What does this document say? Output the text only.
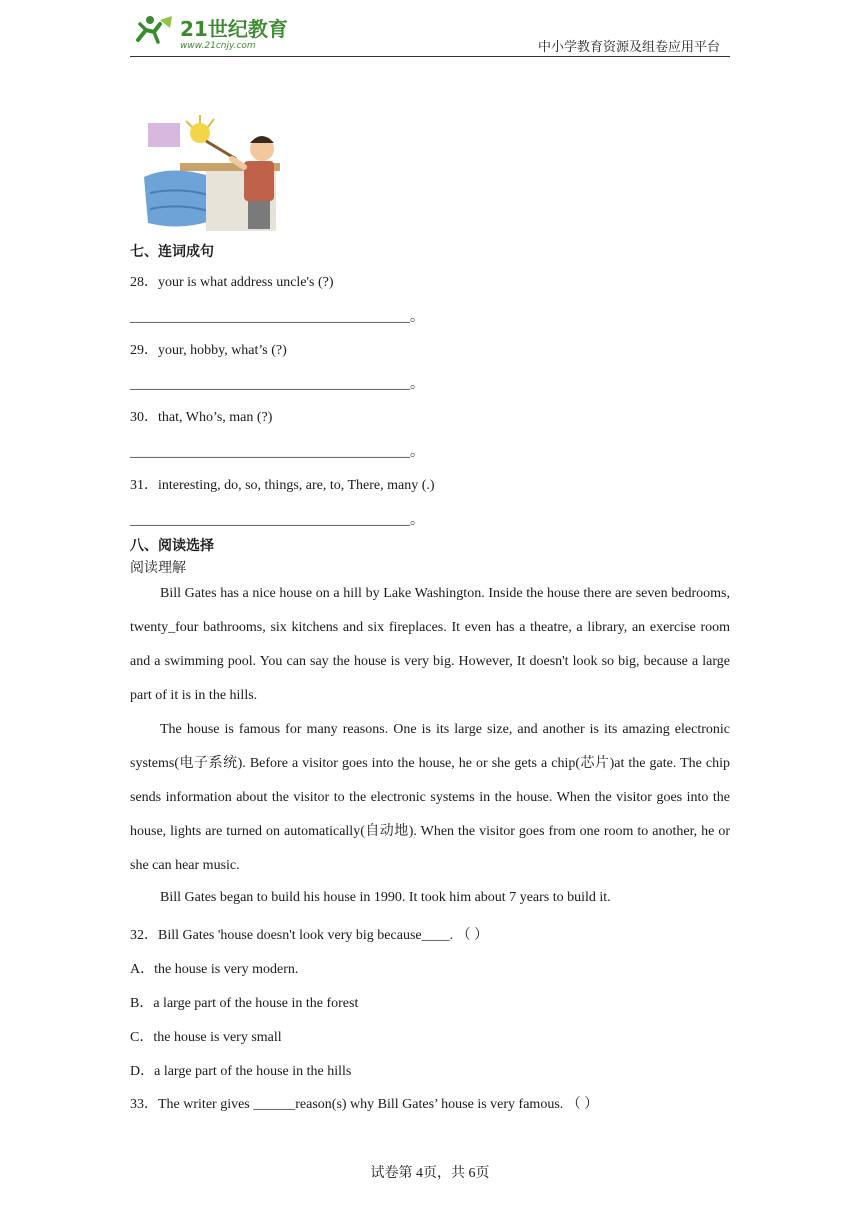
21世纪教育
www.21cnjy.com	中小学教育资源及组卷应用平台
七、连词成句
28．your is what address uncle's (?)
________________________________________。
29．your, hobby, what’s (?)
________________________________________。
30．that, Who’s, man (?)
________________________________________。
31．interesting, do, so, things, are, to, There, many (.)
________________________________________。
八、阅读选择
阅读理解
Bill Gates has a nice house on a hill by Lake Washington. Inside the house there are seven bedrooms, twenty_four bathrooms, six kitchens and six fireplaces. It even has a theatre, a library, an exercise room and a swimming pool. You can say the house is very big. However, It doesn't look so big, because a large part of it is in the hills.
The house is famous for many reasons. One is its large size, and another is its amazing electronic systems(电子系统). Before a visitor goes into the house, he or she gets a chip(芯片)at the gate. The chip sends information about the visitor to the electronic systems in the house. When the visitor goes into the house, lights are turned on automatically(自动地). When the visitor goes from one room to another, he or she can hear music.
Bill Gates began to build his house in 1990. It took him about 7 years to build it.
32．Bill Gates 'house doesn't look very big because____. （ ）
A．the house is very modern.
B．a large part of the house in the forest
C．the house is very small
D．a large part of the house in the hills
33．The writer gives ______reason(s) why Bill Gates’ house is very famous. （ ）
试卷第 4页，共 6页
